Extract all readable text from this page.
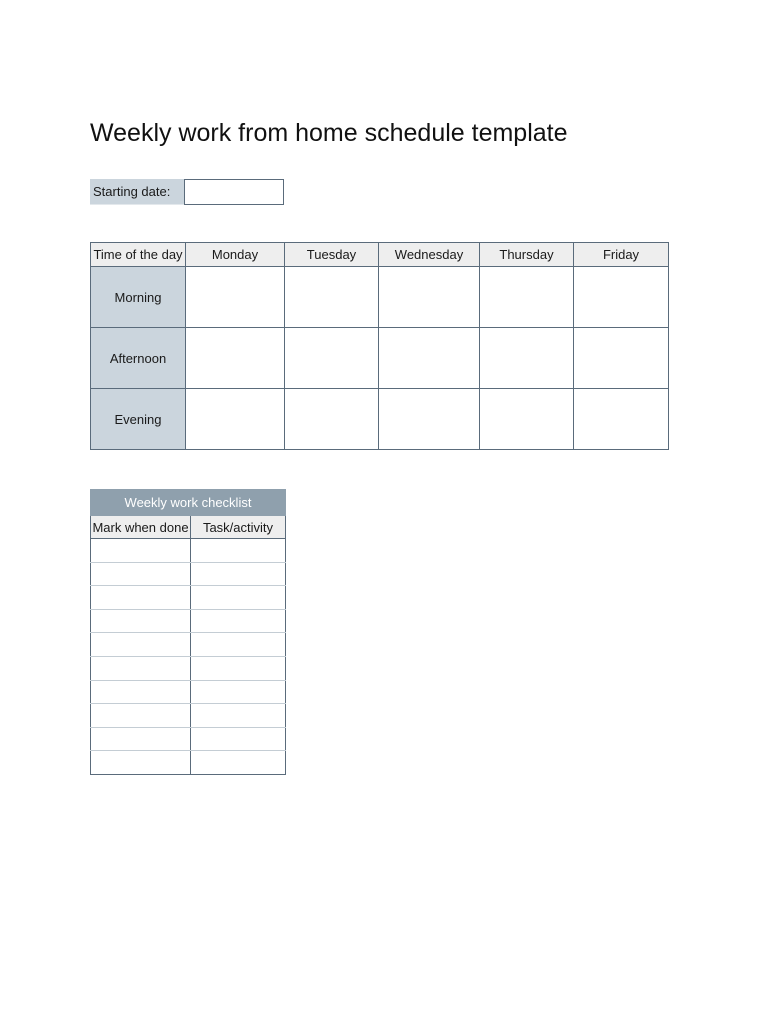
Weekly work from home schedule template
Starting date:
Time of the day	Monday	Tuesday	Wednesday	Thursday	Friday
Morning					
Afternoon					
Evening					
Weekly work checklist	
Mark when done	Task/activity
